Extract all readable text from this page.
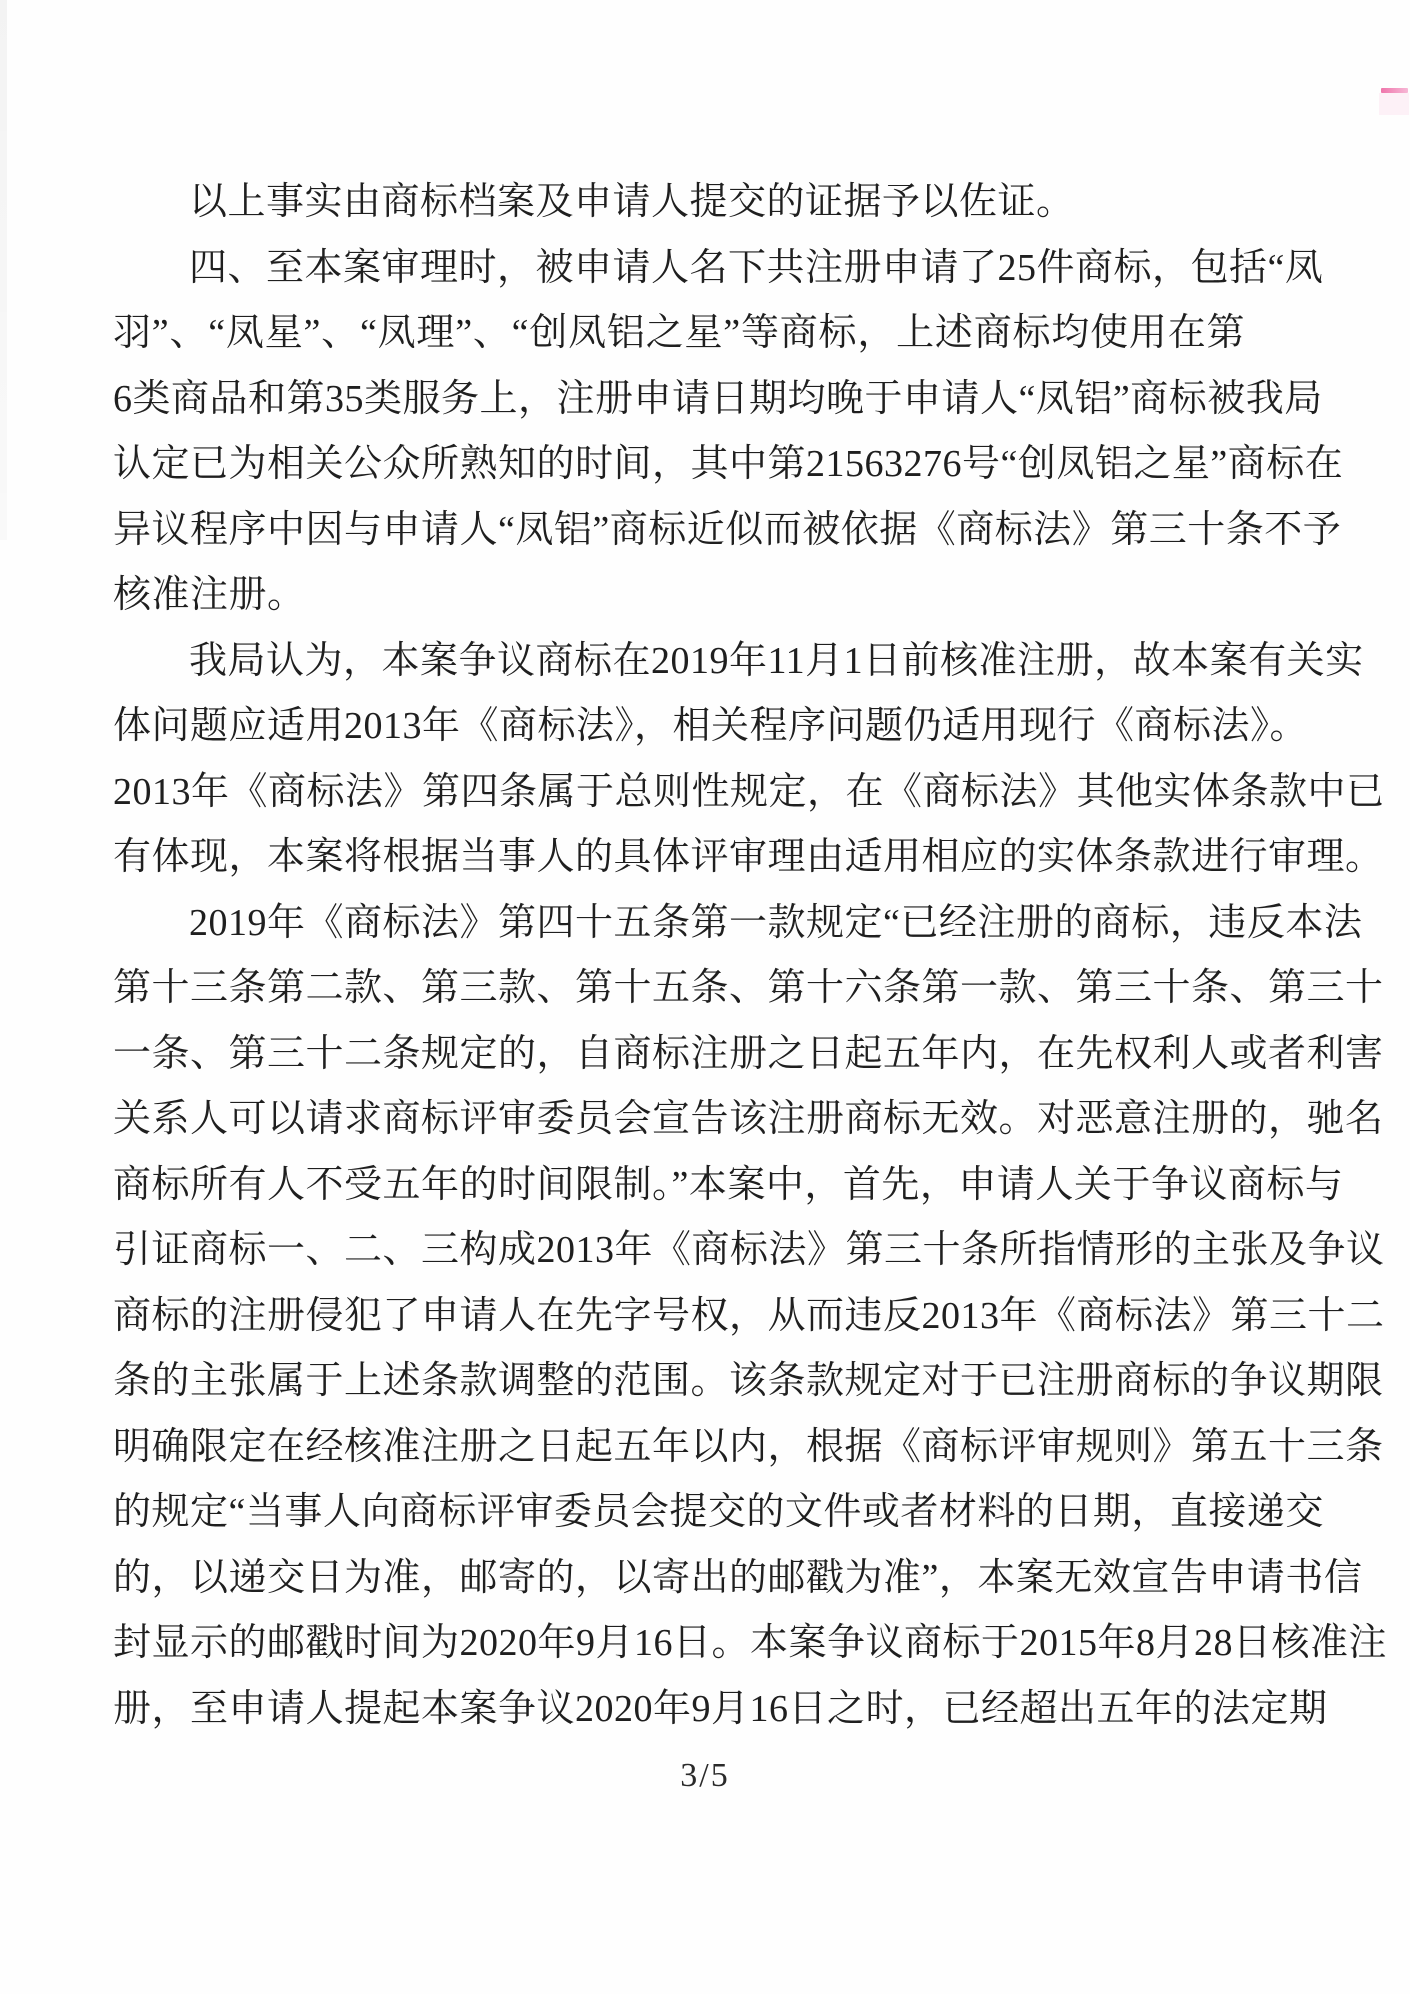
以上事实由商标档案及申请人提交的证据予以佐证。
四、至本案审理时，被申请人名下共注册申请了25件商标，包括“凤
羽”、“凤星”、“凤理”、“创凤铝之星”等商标，上述商标均使用在第
6类商品和第35类服务上，注册申请日期均晚于申请人“凤铝”商标被我局
认定已为相关公众所熟知的时间，其中第21563276号“创凤铝之星”商标在
异议程序中因与申请人“凤铝”商标近似而被依据《商标法》第三十条不予
核准注册。
我局认为，本案争议商标在2019年11月1日前核准注册，故本案有关实
体问题应适用2013年《商标法》，相关程序问题仍适用现行《商标法》。
2013年《商标法》第四条属于总则性规定，在《商标法》其他实体条款中已
有体现，本案将根据当事人的具体评审理由适用相应的实体条款进行审理。
2019年《商标法》第四十五条第一款规定“已经注册的商标，违反本法
第十三条第二款、第三款、第十五条、第十六条第一款、第三十条、第三十
一条、第三十二条规定的，自商标注册之日起五年内，在先权利人或者利害
关系人可以请求商标评审委员会宣告该注册商标无效。对恶意注册的，驰名
商标所有人不受五年的时间限制。”本案中，首先，申请人关于争议商标与
引证商标一、二、三构成2013年《商标法》第三十条所指情形的主张及争议
商标的注册侵犯了申请人在先字号权，从而违反2013年《商标法》第三十二
条的主张属于上述条款调整的范围。该条款规定对于已注册商标的争议期限
明确限定在经核准注册之日起五年以内，根据《商标评审规则》第五十三条
的规定“当事人向商标评审委员会提交的文件或者材料的日期，直接递交
的，以递交日为准，邮寄的，以寄出的邮戳为准”，本案无效宣告申请书信
封显示的邮戳时间为2020年9月16日。本案争议商标于2015年8月28日核准注
册，至申请人提起本案争议2020年9月16日之时，已经超出五年的法定期
3/5
